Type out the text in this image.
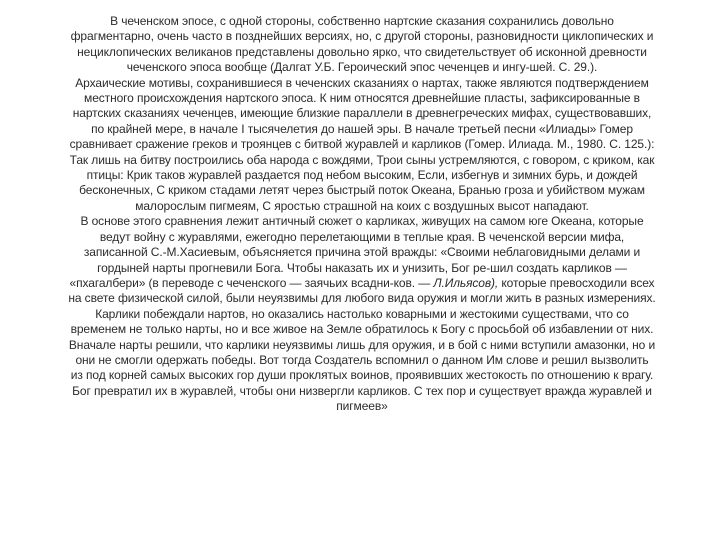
В чеченском эпосе, с одной стороны, собственно нартские сказания сохранились довольно фрагментарно, очень часто в позднейших версиях, но, с другой стороны, разновидности циклопических и нециклопических великанов представлены довольно ярко, что свидетельствует об исконной древности чеченского эпоса вообще (Далгат У.Б. Героический эпос чеченцев и ингу-шей. С. 29.).

Архаические мотивы, сохранившиеся в чеченских сказаниях о нартах, также являются подтверждением местного происхождения нартского эпоса. К ним относятся древнейшие пласты, зафиксированные в нартских сказаниях чеченцев, имеющие близкие параллели в древнегреческих мифах, существовавших, по крайней мере, в начале I тысячелетия до нашей эры. В начале третьей песни «Илиады» Гомер сравнивает сражение греков и троянцев с битвой журавлей и карликов (Гомер. Илиада. М., 1980. С. 125.):

Так лишь на битву построились оба народа с вождями, Трои сыны устремляются, с говором, с криком, как птицы: Крик таков журавлей раздается под небом высоким, Если, избегнув и зимних бурь, и дождей бесконечных, С криком стадами летят через быстрый поток Океана, Бранью гроза и убийством мужам малорослым пигмеям, С яростью страшной на коих с воздушных высот нападают.

В основе этого сравнения лежит античный сюжет о карликах, живущих на самом юге Океана, которые ведут войну с журавлями, ежегодно перелетающими в теплые края. В чеченской версии мифа, записанной С.-М.Хасиевым, объясняется причина этой вражды: «Своими неблаговидными делами и гордыней нарты прогневили Бога. Чтобы наказать их и унизить, Бог ре-шил создать карликов — «пхагалбери» (в переводе с чеченского — заячьих всадни-ков. — Л.Ильясов), которые превосходили всех на свете физической силой, были неуязвимы для любого вида оружия и могли жить в разных измерениях. Карлики побеждали нартов, но оказались настолько коварными и жестокими существами, что со временем не только нарты, но и все живое на Земле обратилось к Богу с просьбой об избавлении от них. Вначале нарты решили, что карлики неуязвимы лишь для оружия, и в бой с ними вступили амазонки, но и они не смогли одержать победы. Вот тогда Создатель вспомнил о данном Им слове и решил вызволить из под корней самых высоких гор души проклятых воинов, проявивших жестокость по отношению к врагу. Бог превратил их в журавлей, чтобы они низвергли карликов. С тех пор и существует вражда журавлей и пигмеев»
